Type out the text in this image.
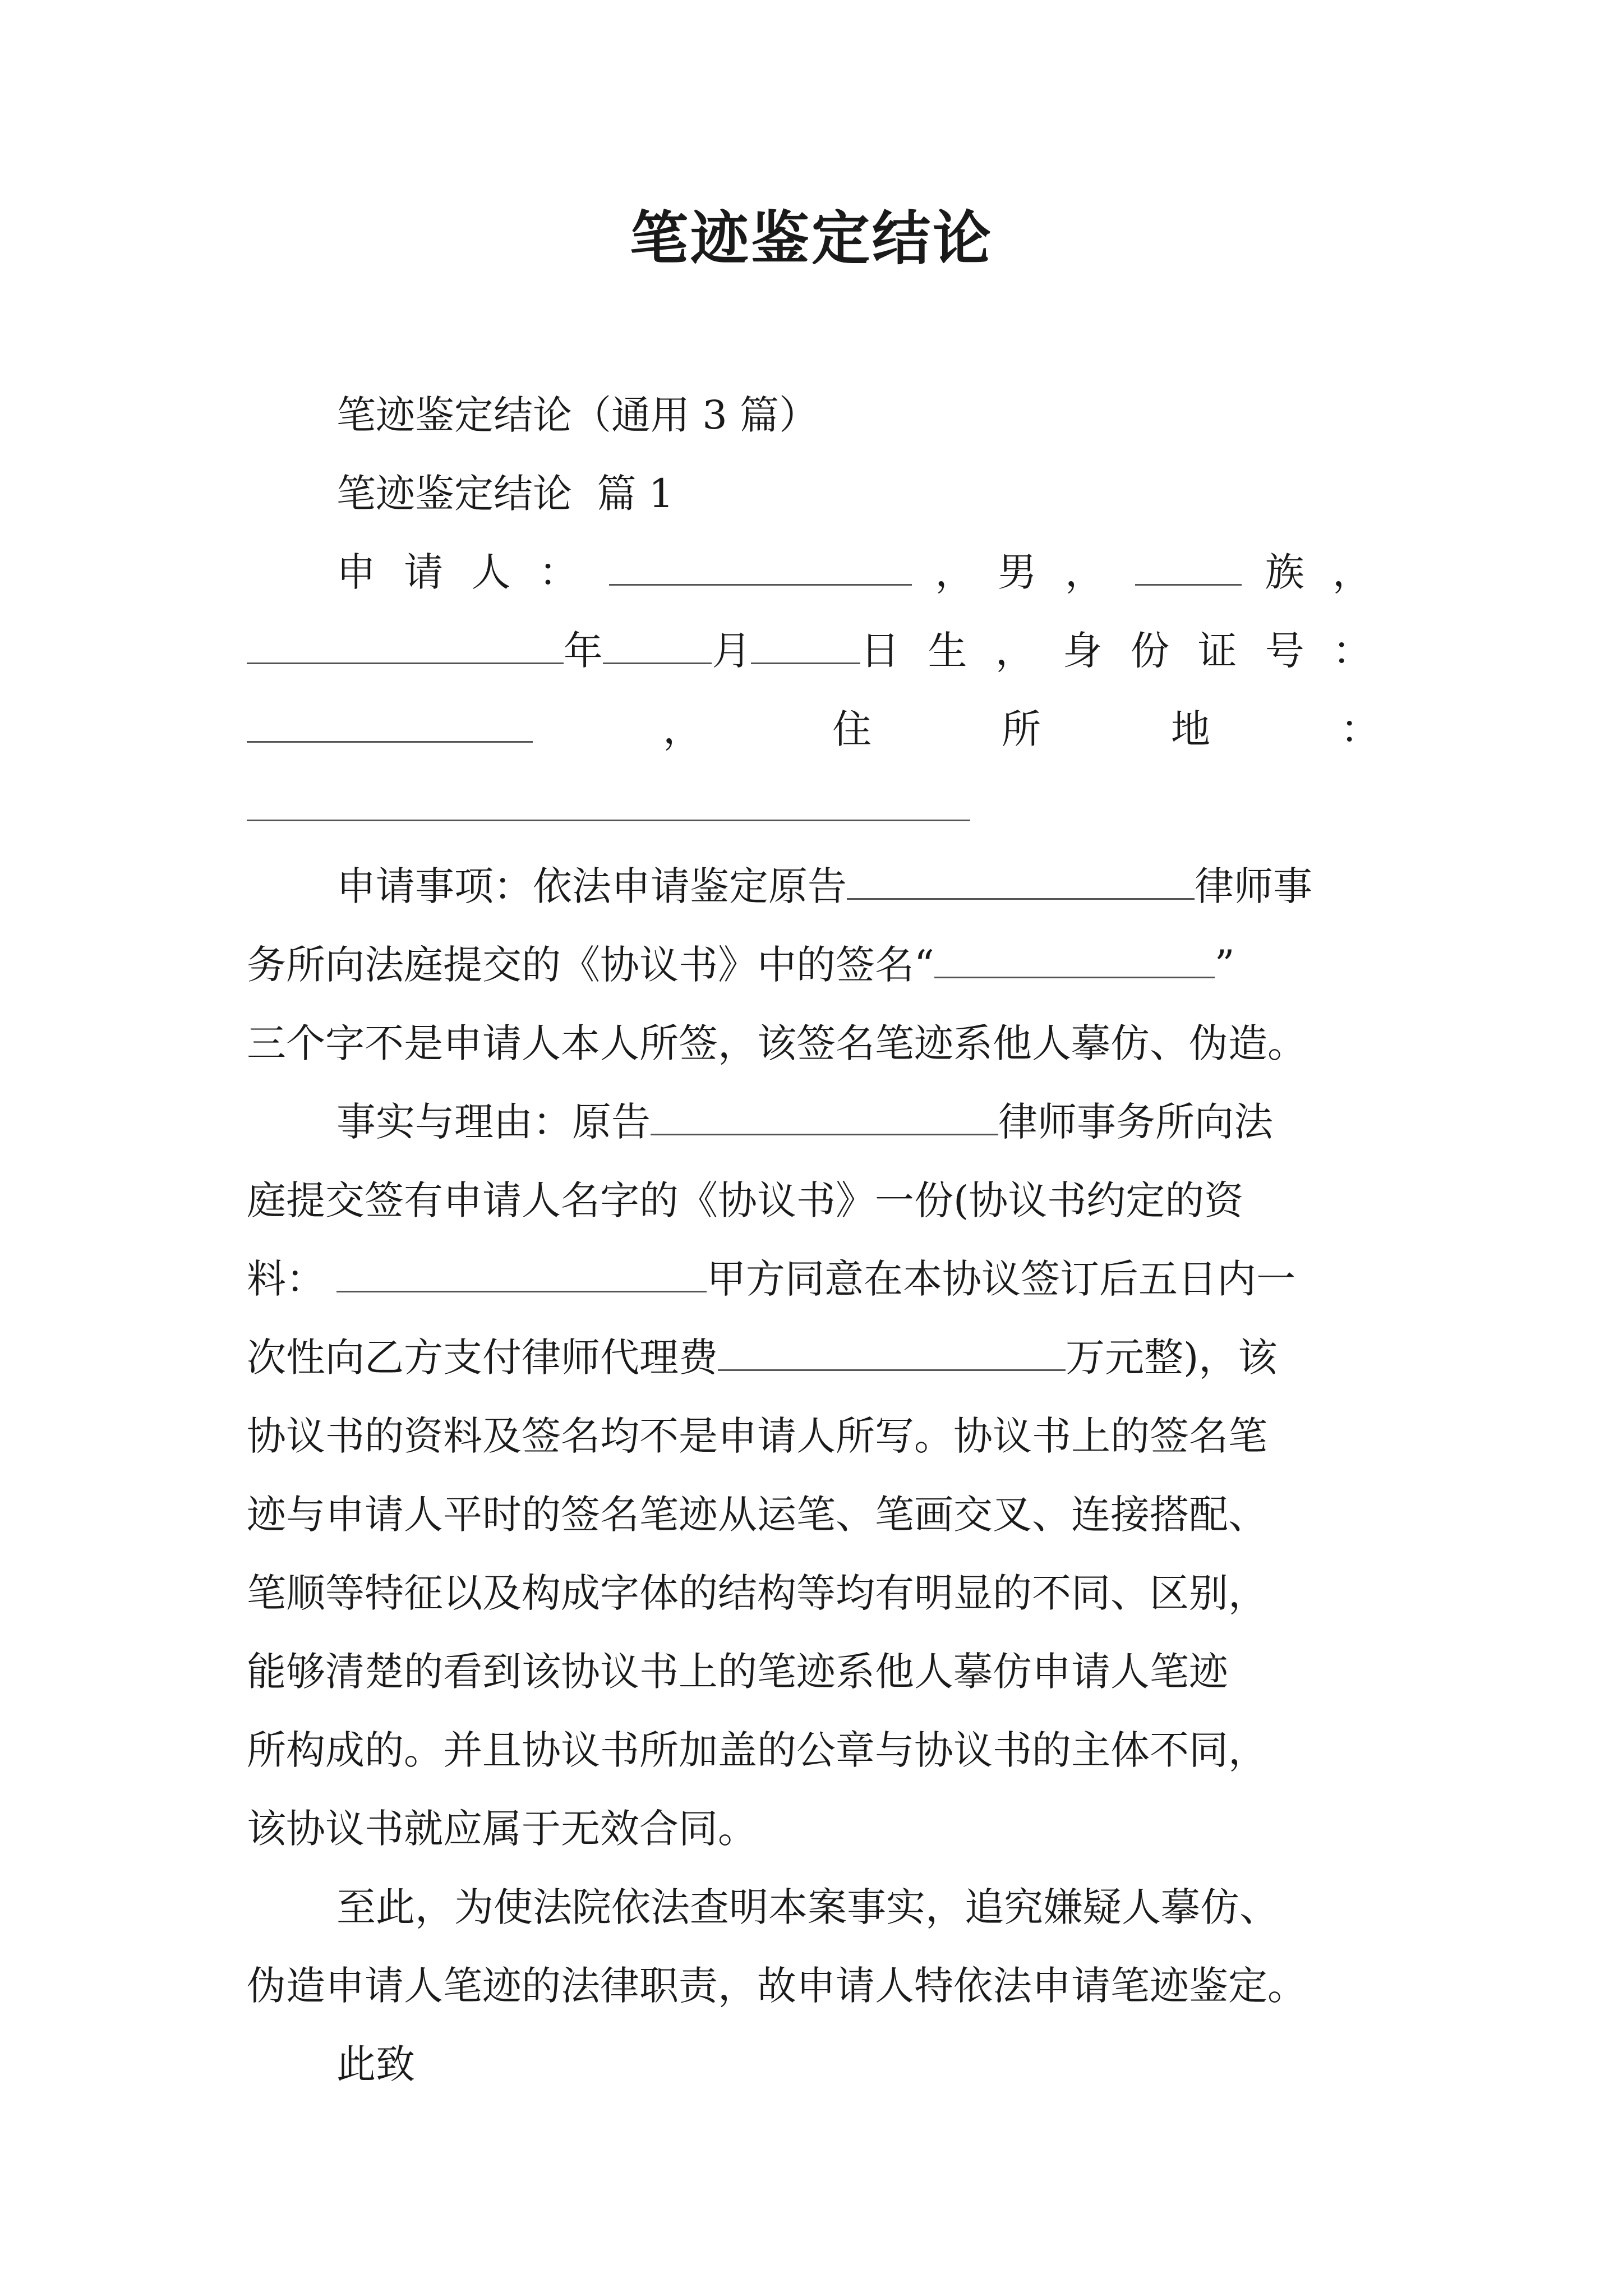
笔迹鉴定结论
笔迹鉴定结论（通用 3 篇）
笔迹鉴定结论  篇 1
申 请 人 ：	， 男 ，	族 ，
年	月	日 生 ， 身 份 证 号 ：
，	住	所	地	：
申请事项：依法申请鉴定原告	律师事
务所向法庭提交的《协议书》中的签名“	”
三个字不是申请人本人所签，该签名笔迹系他人摹仿、伪造。
事实与理由：原告	律师事务所向法
庭提交签有申请人名字的《协议书》一份(协议书约定的资
料：	甲方同意在本协议签订后五日内一
次性向乙方支付律师代理费	万元整)，该
协议书的资料及签名均不是申请人所写。协议书上的签名笔
迹与申请人平时的签名笔迹从运笔、笔画交叉、连接搭配、
笔顺等特征以及构成字体的结构等均有明显的不同、区别，
能够清楚的看到该协议书上的笔迹系他人摹仿申请人笔迹
所构成的。并且协议书所加盖的公章与协议书的主体不同，
该协议书就应属于无效合同。
至此，为使法院依法查明本案事实，追究嫌疑人摹仿、
伪造申请人笔迹的法律职责，故申请人特依法申请笔迹鉴定。
此致
